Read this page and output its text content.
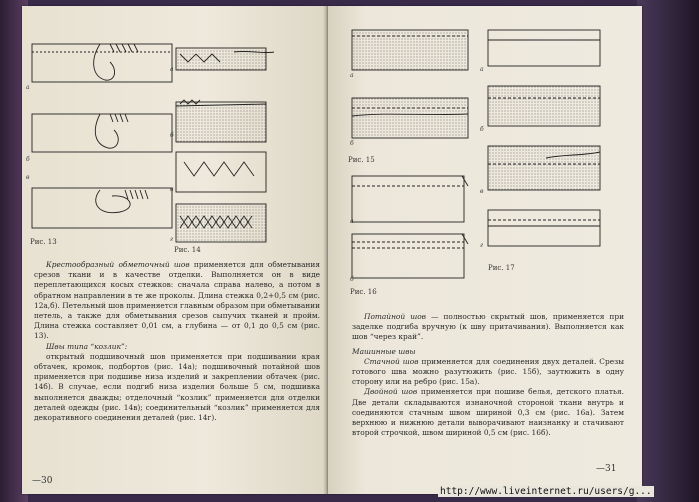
а
б
в
Рис. 13
а
б
в
г
Рис. 14

Крестообразный обметочный шов применяется для обметывания срезов ткани и в качестве отделки. Выполняется он в виде переплетающихся косых стежков: сначала справа налево, а потом в обратном направлении в те же проколы. Длина стежка 0,2+0,5 см (рис. 12а,б). Петельный шов применяется главным образом при обметывании петель, а также для обметывания срезов сыпучих тканей и пройм. Длина стежка составляет 0,01 см, а глубина — от 0,1 до 0,5 см (рис. 13).

Швы типа “козлик”:

открытый подшивочный шов применяется при подшивании края обтачек, кромок, подбортов (рис. 14а); подшивочный потайной шов применяется при подшиве низа изделий и закреплении обтачек (рис. 14б). В случае, если подгиб низа изделия больше 5 см, подшивка выполняется дважды; отделочный “козлик” применяется для отделки деталей одежды (рис. 14в); соединительный “козлик” применяется для декоративного соединения деталей (рис. 14г).

—30
а
б
Рис. 15
а
б
Рис. 16
а
б
в
г
Рис. 17

Потайной шов — полностью скрытый шов, применяется при заделке подгиба вручную (к шву притачивания). Выполняется как шов “через край”.

Машинные швы

Стачной шов применяется для соединения двух деталей. Срезы готового шва можно разутюжить (рис. 15б), заутюжить в одну сторону или на ребро (рис. 15а).

Двойной шов применяется при пошиве белья, детского платья. Две детали складываются изнаночной стороной ткани внутрь и соединяются стачным швом шириной 0,3 см (рис. 16а). Затем верхнюю и нижнюю детали выворачивают наизнанку и стачивают второй строчкой, швом шириной 0,5 см (рис. 16б).

—31
http://www.liveinternet.ru/users/g...
